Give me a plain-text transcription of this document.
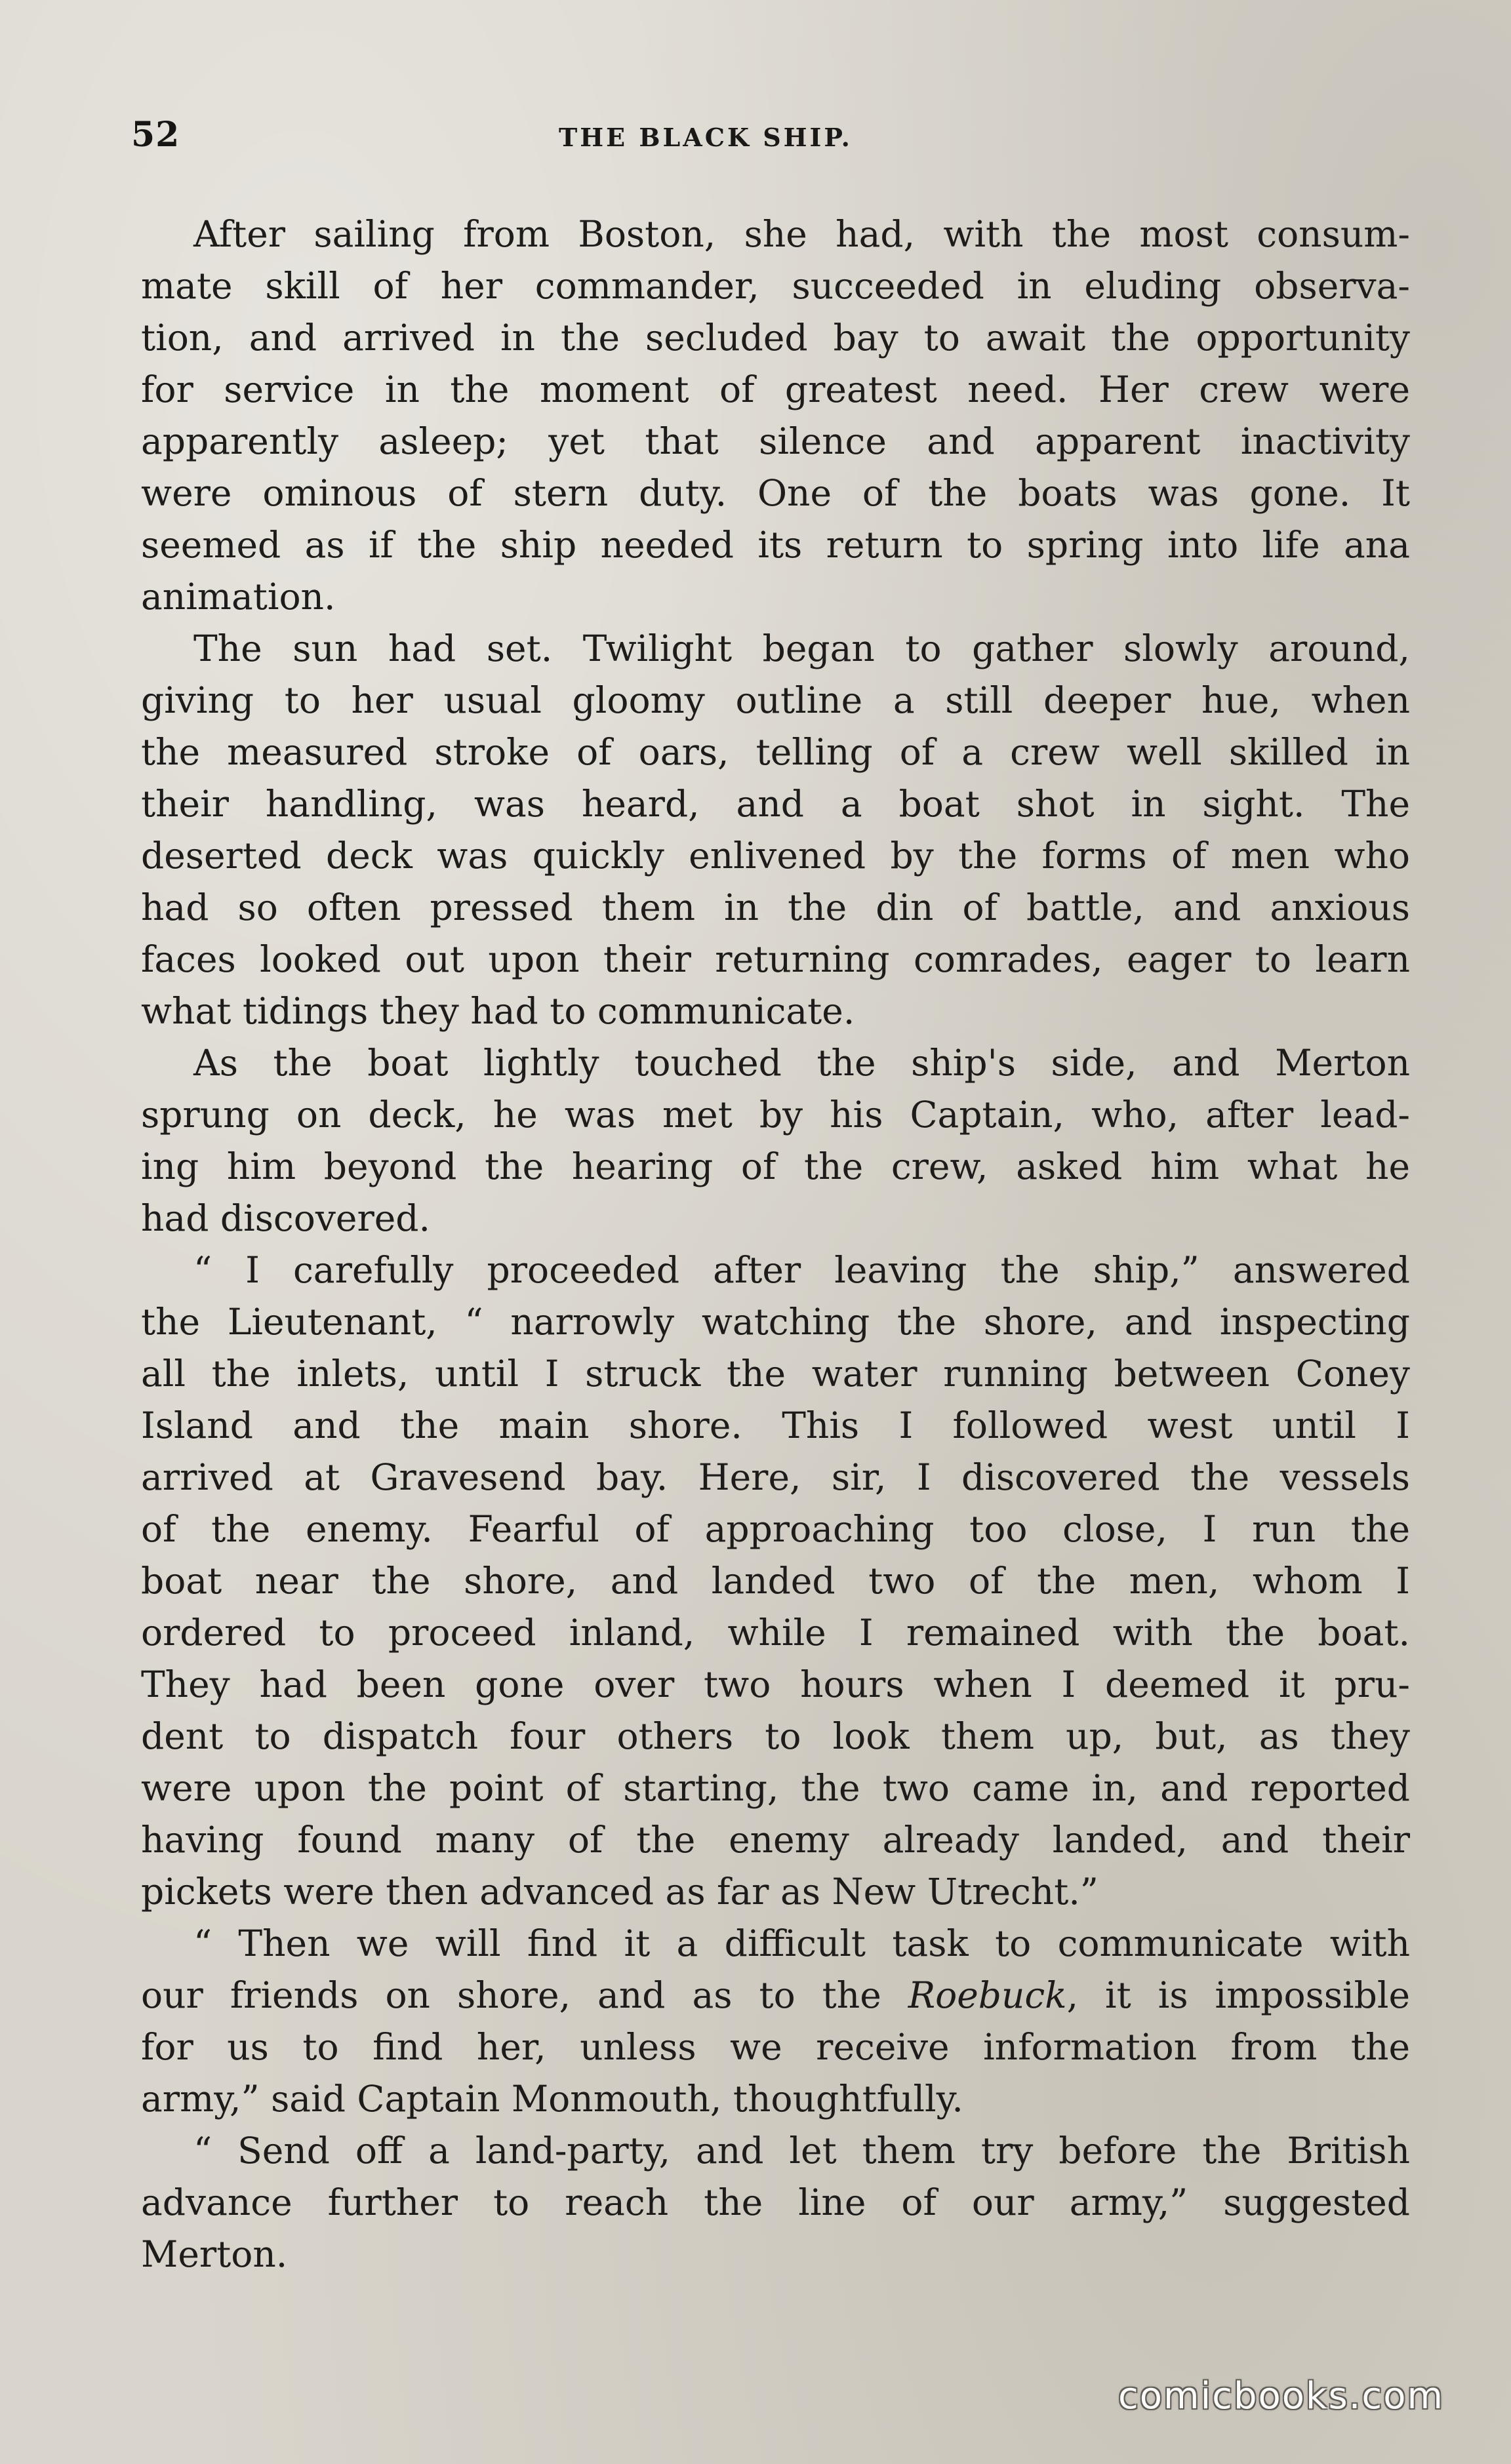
52	THE BLACK SHIP.
After sailing from Boston, she had, with the most consum-
mate skill of her commander, succeeded in eluding observa-
tion, and arrived in the secluded bay to await the opportunity
for service in the moment of greatest need. Her crew were
apparently asleep; yet that silence and apparent inactivity
were ominous of stern duty. One of the boats was gone. It
seemed as if the ship needed its return to spring into life ana
animation.
The sun had set. Twilight began to gather slowly around,
giving to her usual gloomy outline a still deeper hue, when
the measured stroke of oars, telling of a crew well skilled in
their handling, was heard, and a boat shot in sight. The
deserted deck was quickly enlivened by the forms of men who
had so often pressed them in the din of battle, and anxious
faces looked out upon their returning comrades, eager to learn
what tidings they had to communicate.
As the boat lightly touched the ship's side, and Merton
sprung on deck, he was met by his Captain, who, after lead-
ing him beyond the hearing of the crew, asked him what he
had discovered.
“ I carefully proceeded after leaving the ship,” answered
the Lieutenant, “ narrowly watching the shore, and inspecting
all the inlets, until I struck the water running between Coney
Island and the main shore. This I followed west until I
arrived at Gravesend bay. Here, sir, I discovered the vessels
of the enemy. Fearful of approaching too close, I run the
boat near the shore, and landed two of the men, whom I
ordered to proceed inland, while I remained with the boat.
They had been gone over two hours when I deemed it pru-
dent to dispatch four others to look them up, but, as they
were upon the point of starting, the two came in, and reported
having found many of the enemy already landed, and their
pickets were then advanced as far as New Utrecht.”
“ Then we will find it a difficult task to communicate with
our friends on shore, and as to the Roebuck, it is impossible
for us to find her, unless we receive information from the
army,” said Captain Monmouth, thoughtfully.
“ Send off a land-party, and let them try before the British
advance further to reach the line of our army,” suggested
Merton.
comicbooks.com
